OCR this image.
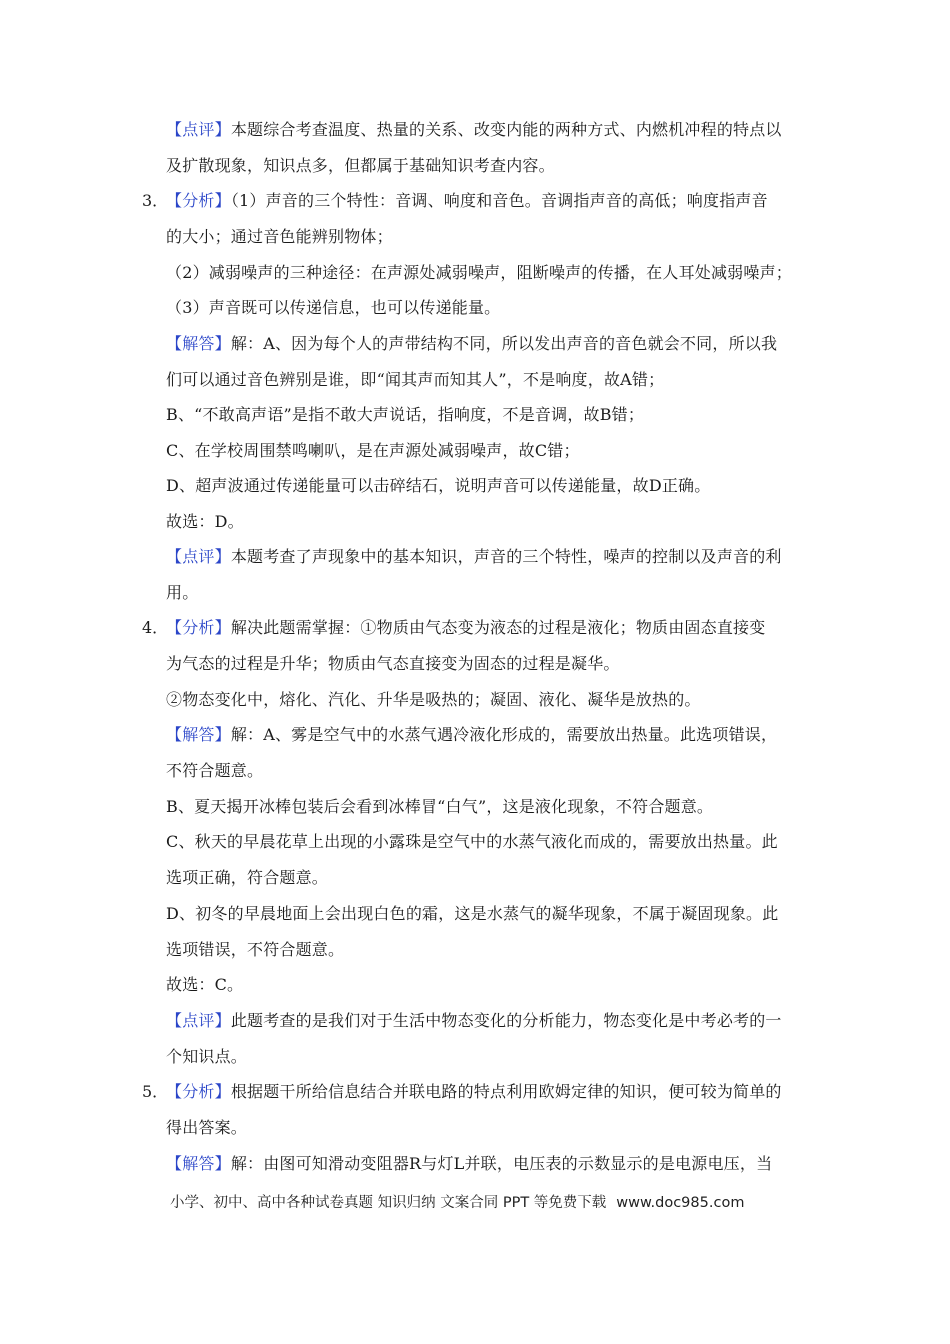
【点评】本题综合考查温度、热量的关系、改变内能的两种方式、内燃机冲程的特点以
及扩散现象，知识点多，但都属于基础知识考查内容。
3．
【分析】（1）声音的三个特性：音调、响度和音色。音调指声音的高低；响度指声音
的大小；通过音色能辨别物体；
（2）减弱噪声的三种途径：在声源处减弱噪声，阻断噪声的传播，在人耳处减弱噪声；
（3）声音既可以传递信息，也可以传递能量。
【解答】解：A、因为每个人的声带结构不同，所以发出声音的音色就会不同，所以我
们可以通过音色辨别是谁，即“闻其声而知其人”，不是响度，故A错；
B、“不敢高声语”是指不敢大声说话，指响度，不是音调，故B错；
C、在学校周围禁鸣喇叭，是在声源处减弱噪声，故C错；
D、超声波通过传递能量可以击碎结石，说明声音可以传递能量，故D正确。
故选：D。
【点评】本题考查了声现象中的基本知识，声音的三个特性，噪声的控制以及声音的利
用。
4．
【分析】解决此题需掌握：①物质由气态变为液态的过程是液化；物质由固态直接变
为气态的过程是升华；物质由气态直接变为固态的过程是凝华。
②物态变化中，熔化、汽化、升华是吸热的；凝固、液化、凝华是放热的。
【解答】解：A、雾是空气中的水蒸气遇冷液化形成的，需要放出热量。此选项错误，
不符合题意。
B、夏天揭开冰棒包装后会看到冰棒冒“白气”，这是液化现象，不符合题意。
C、秋天的早晨花草上出现的小露珠是空气中的水蒸气液化而成的，需要放出热量。此
选项正确，符合题意。
D、初冬的早晨地面上会出现白色的霜，这是水蒸气的凝华现象，不属于凝固现象。此
选项错误，不符合题意。
故选：C。
【点评】此题考查的是我们对于生活中物态变化的分析能力，物态变化是中考必考的一
个知识点。
5．
【分析】根据题干所给信息结合并联电路的特点利用欧姆定律的知识，便可较为简单的
得出答案。
【解答】解：由图可知滑动变阻器R与灯L并联，电压表的示数显示的是电源电压，当
小学、初中、高中各种试卷真题 知识归纳 文案合同 PPT 等免费下载 www.doc985.com
